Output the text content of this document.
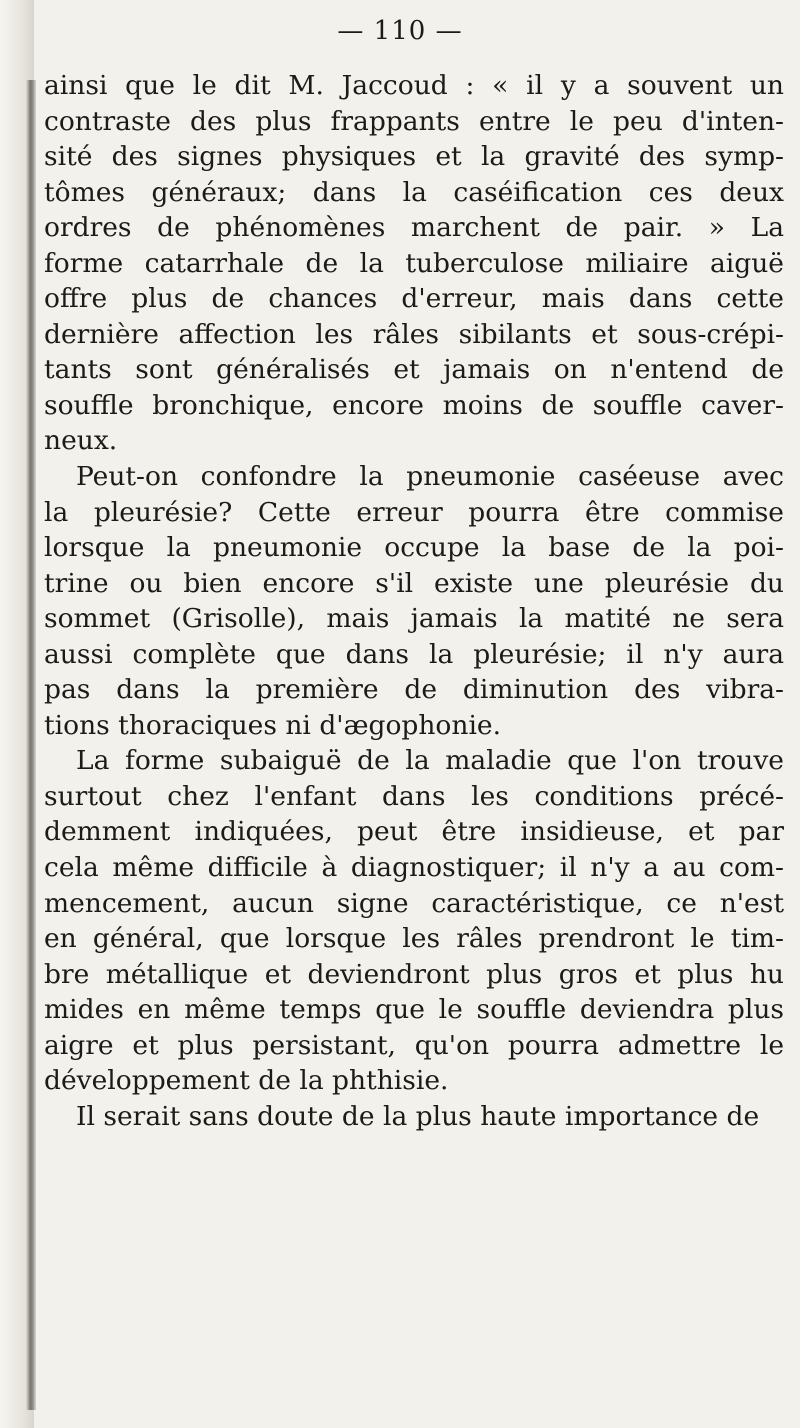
— 110 —
ainsi que le dit M. Jaccoud : « il y a souvent un
contraste des plus frappants entre le peu d'inten-
sité des signes physiques et la gravité des symp-
tômes généraux; dans la caséification ces deux
ordres de phénomènes marchent de pair. » La
forme catarrhale de la tuberculose miliaire aiguë
offre plus de chances d'erreur, mais dans cette
dernière affection les râles sibilants et sous-crépi-
tants sont généralisés et jamais on n'entend de
souffle bronchique, encore moins de souffle caver-
neux.
Peut-on confondre la pneumonie caséeuse avec
la pleurésie? Cette erreur pourra être commise
lorsque la pneumonie occupe la base de la poi-
trine ou bien encore s'il existe une pleurésie du
sommet (Grisolle), mais jamais la matité ne sera
aussi complète que dans la pleurésie; il n'y aura
pas dans la première de diminution des vibra-
tions thoraciques ni d'ægophonie.
La forme subaiguë de la maladie que l'on trouve
surtout chez l'enfant dans les conditions précé-
demment indiquées, peut être insidieuse, et par
cela même difficile à diagnostiquer; il n'y a au com-
mencement, aucun signe caractéristique, ce n'est
en général, que lorsque les râles prendront le tim-
bre métallique et deviendront plus gros et plus hu
mides en même temps que le souffle deviendra plus
aigre et plus persistant, qu'on pourra admettre le
développement de la phthisie.
Il serait sans doute de la plus haute importance de
